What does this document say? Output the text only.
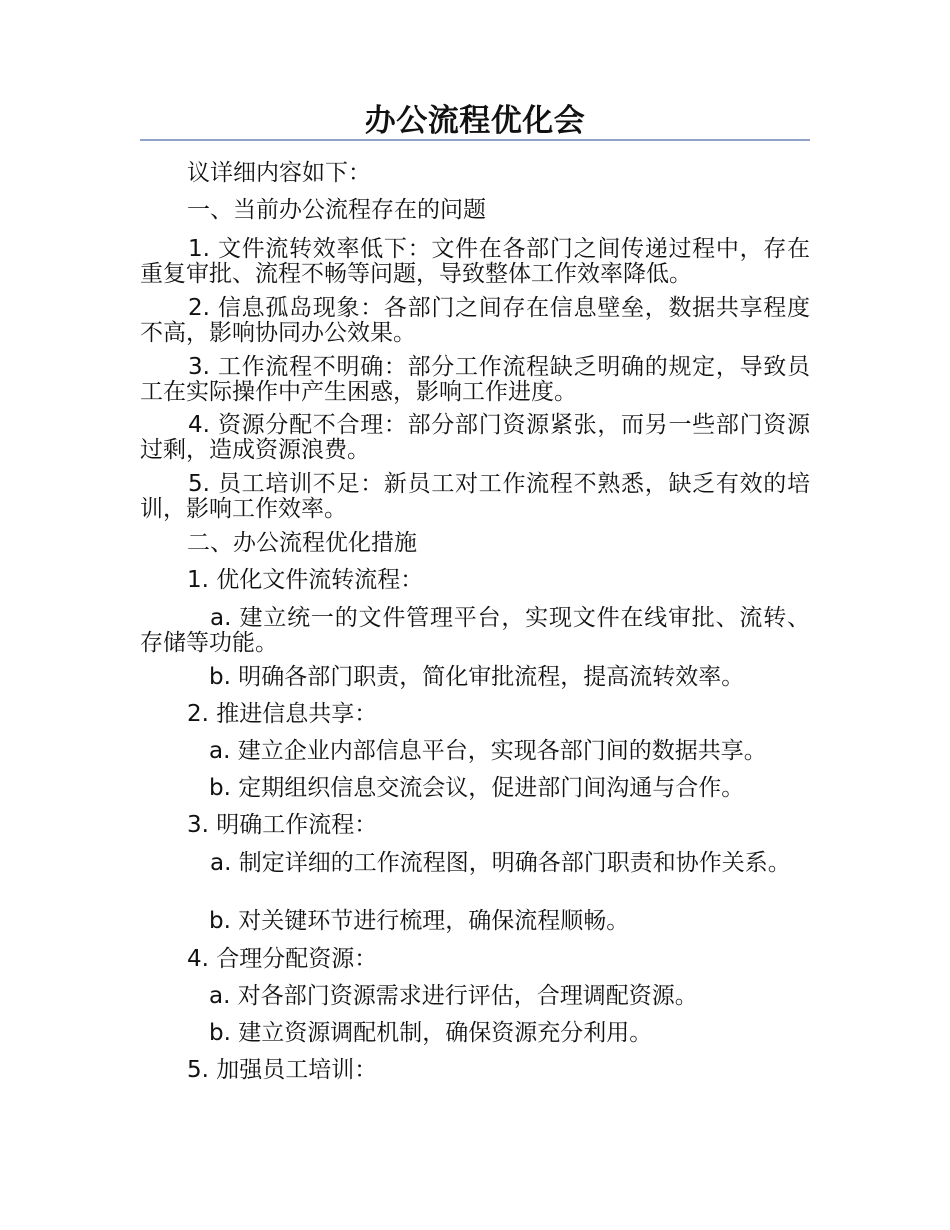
办公流程优化会

议详细内容如下：

一、当前办公流程存在的问题

1. 文件流转效率低下：文件在各部门之间传递过程中，存在重复审批、流程不畅等问题，导致整体工作效率降低。

2. 信息孤岛现象：各部门之间存在信息壁垒，数据共享程度不高，影响协同办公效果。

3. 工作流程不明确：部分工作流程缺乏明确的规定，导致员工在实际操作中产生困惑，影响工作进度。

4. 资源分配不合理：部分部门资源紧张，而另一些部门资源过剩，造成资源浪费。

5. 员工培训不足：新员工对工作流程不熟悉，缺乏有效的培训，影响工作效率。

二、办公流程优化措施

1. 优化文件流转流程：

a. 建立统一的文件管理平台，实现文件在线审批、流转、存储等功能。

b. 明确各部门职责，简化审批流程，提高流转效率。

2. 推进信息共享：

a. 建立企业内部信息平台，实现各部门间的数据共享。

b. 定期组织信息交流会议，促进部门间沟通与合作。

3. 明确工作流程：

a. 制定详细的工作流程图，明确各部门职责和协作关系。

b. 对关键环节进行梳理，确保流程顺畅。

4. 合理分配资源：

a. 对各部门资源需求进行评估，合理调配资源。

b. 建立资源调配机制，确保资源充分利用。

5. 加强员工培训：
